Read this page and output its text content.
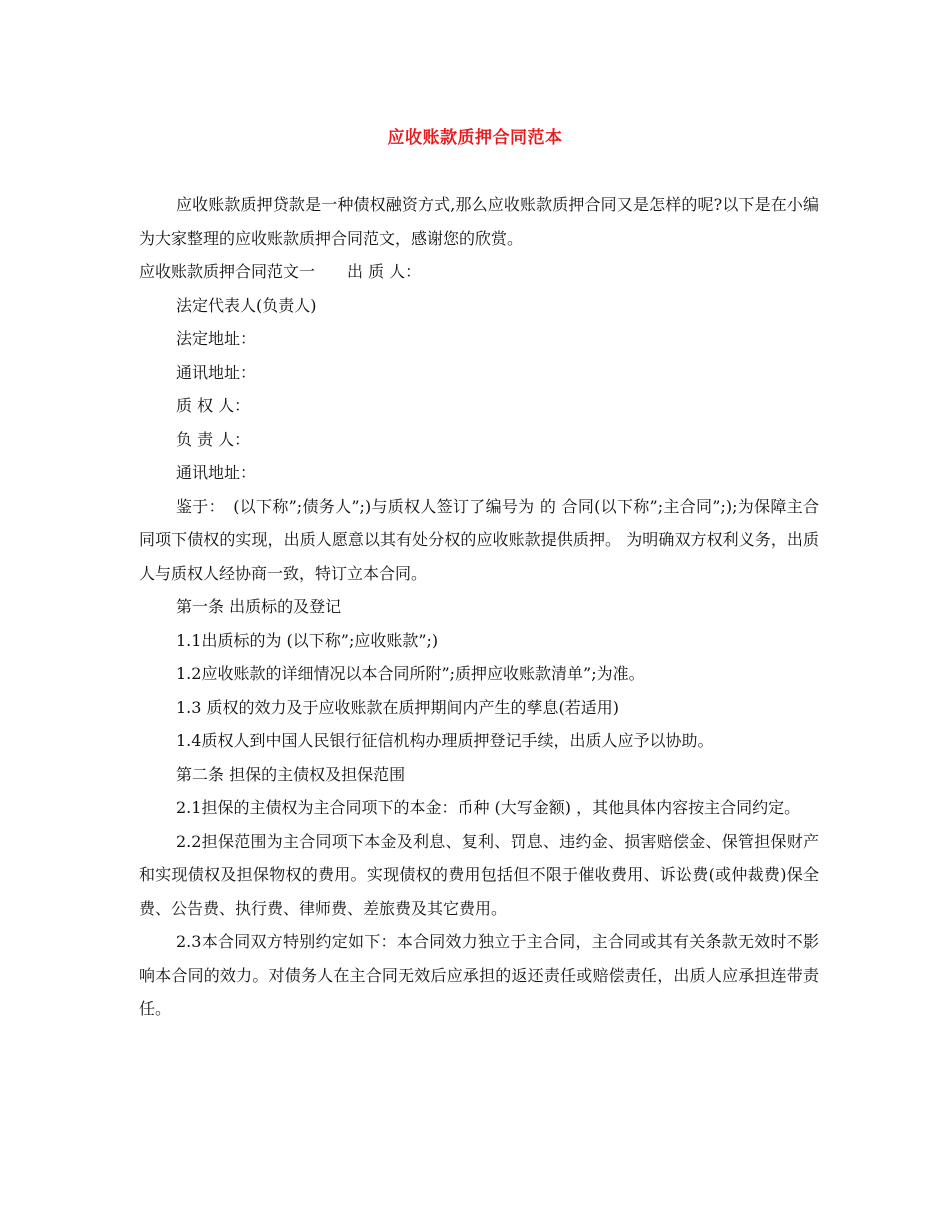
应收账款质押合同范本

应收账款质押贷款是一种债权融资方式,那么应收账款质押合同又是怎样的呢?以下是在小编为大家整理的应收账款质押合同范文，感谢您的欣赏。

应收账款质押合同范文一　　出 质 人：

法定代表人(负责人)

法定地址：

通讯地址：

质 权 人：

负 责 人：

通讯地址：

鉴于：　(以下称”;债务人”;)与质权人签订了编号为 的 合同(以下称”;主合同”;);为保障主合同项下债权的实现，出质人愿意以其有处分权的应收账款提供质押。 为明确双方权利义务，出质人与质权人经协商一致，特订立本合同。

第一条 出质标的及登记

1.1出质标的为 (以下称”;应收账款”;)

1.2应收账款的详细情况以本合同所附”;质押应收账款清单”;为准。

1.3 质权的效力及于应收账款在质押期间内产生的孳息(若适用)

1.4质权人到中国人民银行征信机构办理质押登记手续，出质人应予以协助。

第二条 担保的主债权及担保范围

2.1担保的主债权为主合同项下的本金：币种 (大写金额) ，其他具体内容按主合同约定。

2.2担保范围为主合同项下本金及利息、复利、罚息、违约金、损害赔偿金、保管担保财产和实现债权及担保物权的费用。实现债权的费用包括但不限于催收费用、诉讼费(或仲裁费)保全费、公告费、执行费、律师费、差旅费及其它费用。

2.3本合同双方特别约定如下：本合同效力独立于主合同，主合同或其有关条款无效时不影响本合同的效力。对债务人在主合同无效后应承担的返还责任或赔偿责任，出质人应承担连带责任。
